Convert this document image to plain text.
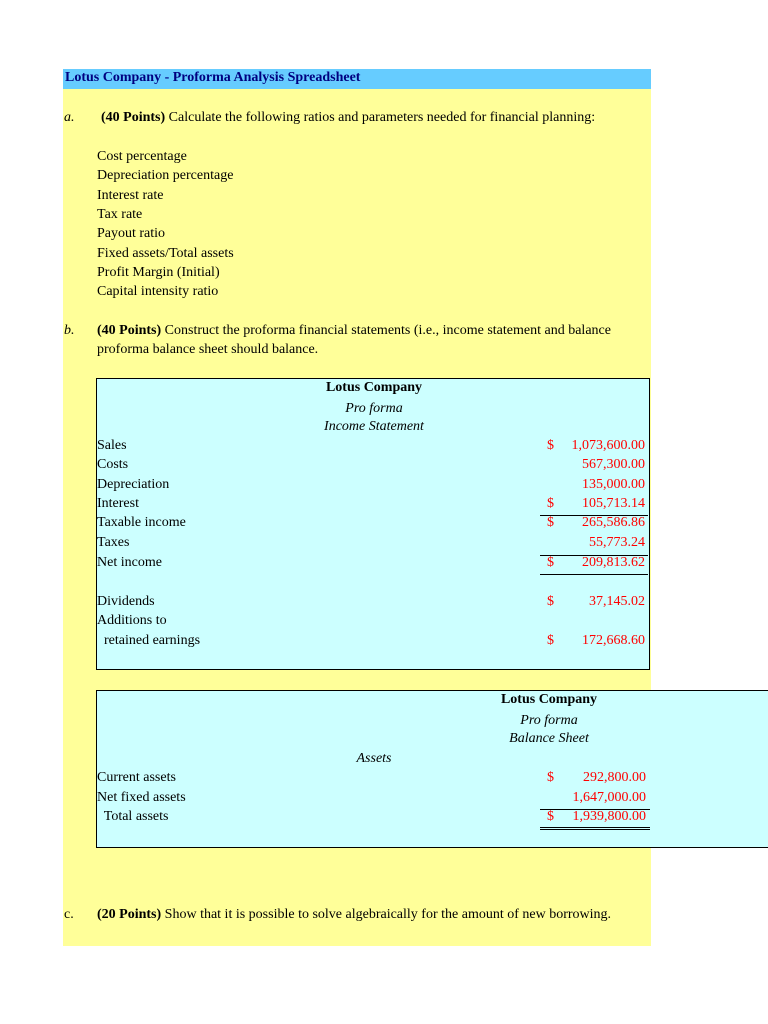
Lotus Company - Proforma Analysis Spreadsheet
a. (40 Points) Calculate the following ratios and parameters needed for financial planning:
Cost percentage
Depreciation percentage
Interest rate
Tax rate
Payout ratio
Fixed assets/Total assets
Profit Margin (Initial)
Capital intensity ratio
b. (40 Points) Construct the proforma financial statements (i.e., income statement and balance
proforma balance sheet should balance.
Lotus Company
Pro forma
Income Statement
Sales	$ 1,073,600.00
Costs	567,300.00
Depreciation	135,000.00
Interest	$ 105,713.14
Taxable income	$ 265,586.86
Taxes	55,773.24
Net income	$ 209,813.62
Dividends	$	37,145.02
Additions to
retained earnings	$ 172,668.60
Lotus Company
Pro forma
Balance Sheet
Assets
Current assets	$ 292,800.00
Net fixed assets	1,647,000.00
Total assets	$ 1,939,800.00
c. (20 Points) Show that it is possible to solve algebraically for the amount of new borrowing.
